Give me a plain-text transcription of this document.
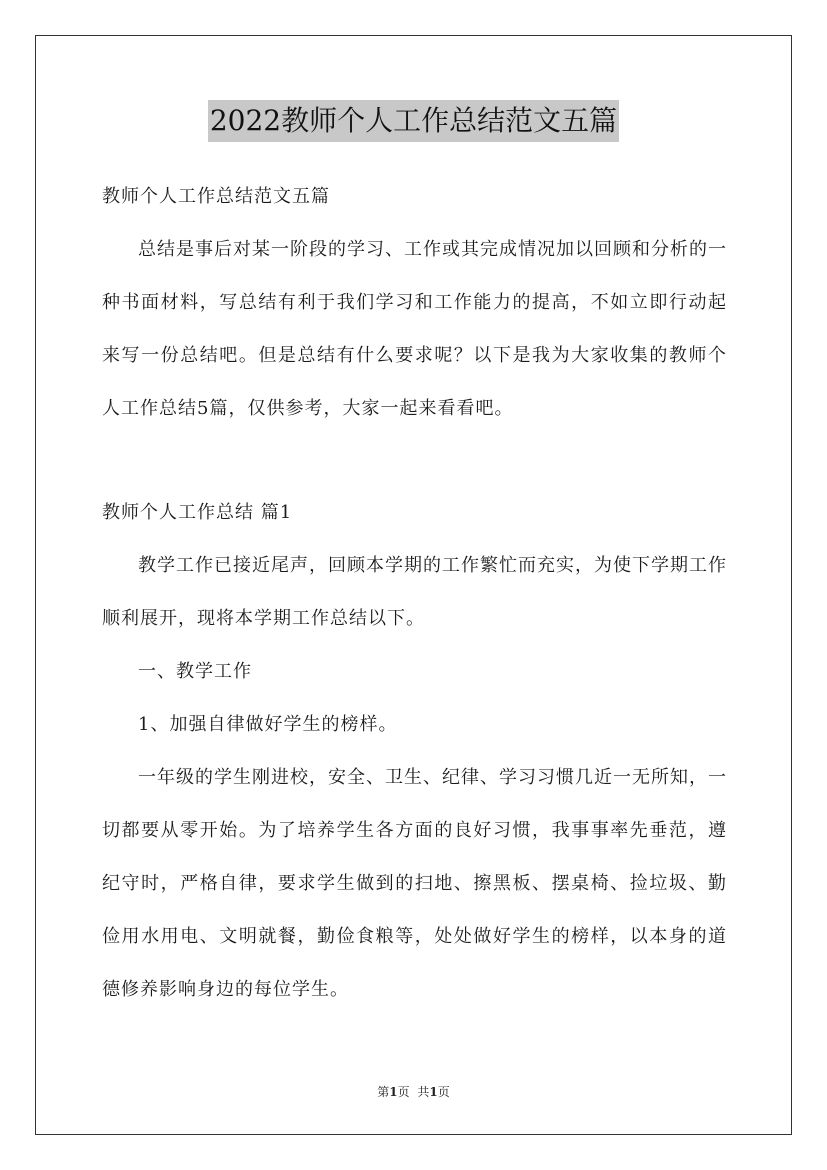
2022教师个人工作总结范文五篇

教师个人工作总结范文五篇

总结是事后对某一阶段的学习、工作或其完成情况加以回顾和分析的一种书面材料，写总结有利于我们学习和工作能力的提高，不如立即行动起来写一份总结吧。但是总结有什么要求呢？以下是我为大家收集的教师个人工作总结5篇，仅供参考，大家一起来看看吧。

教师个人工作总结 篇1

教学工作已接近尾声，回顾本学期的工作繁忙而充实，为使下学期工作顺利展开，现将本学期工作总结以下。

一、教学工作

1、加强自律做好学生的榜样。

一年级的学生刚进校，安全、卫生、纪律、学习习惯几近一无所知，一切都要从零开始。为了培养学生各方面的良好习惯，我事事率先垂范，遵纪守时，严格自律，要求学生做到的扫地、擦黑板、摆桌椅、捡垃圾、勤俭用水用电、文明就餐，勤俭食粮等，处处做好学生的榜样，以本身的道德修养影响身边的每位学生。

第1页 共1页
